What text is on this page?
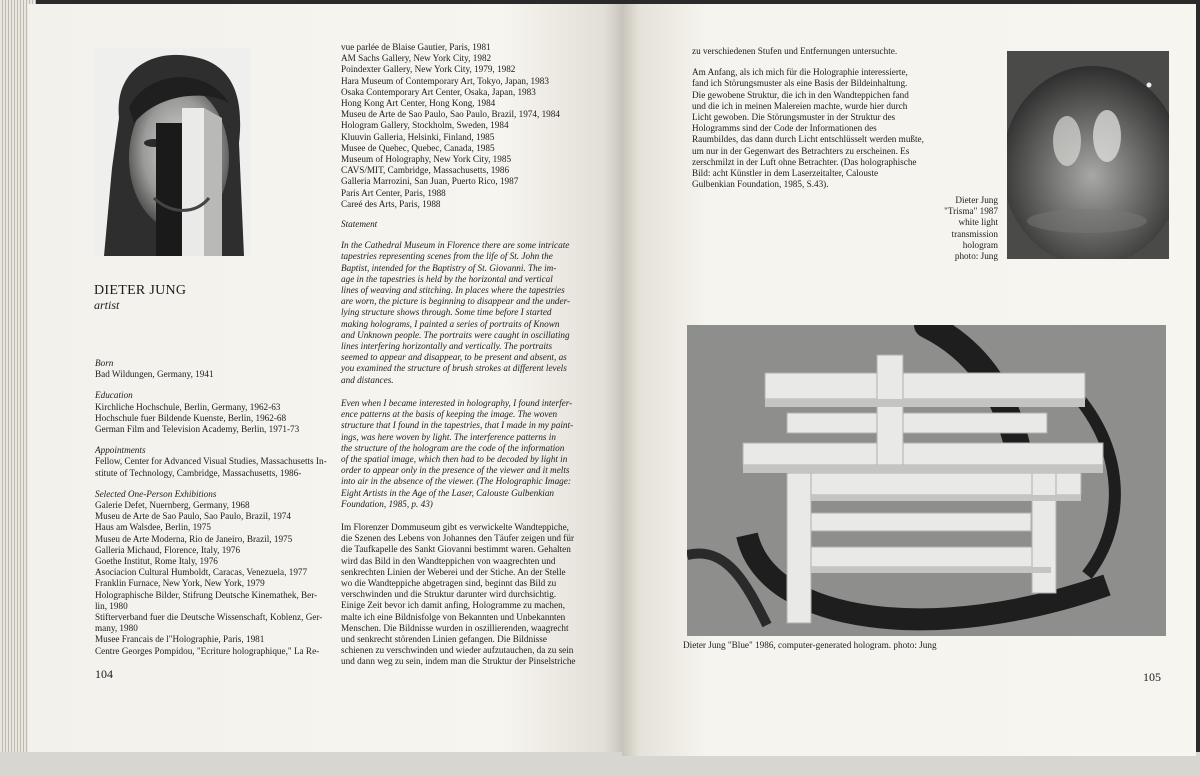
DIETER JUNG
artist
Born
Bad Wildungen, Germany, 1941
Education
Kirchliche Hochschule, Berlin, Germany, 1962-63
Hochschule fuer Bildende Kuenste, Berlin, 1962-68
German Film and Television Academy, Berlin, 1971-73
Appointments
Fellow, Center for Advanced Visual Studies, Massachusetts In-
stitute of Technology, Cambridge, Massachusetts, 1986-
Selected One-Person Exhibitions
Galerie Defet, Nuernberg, Germany, 1968
Museu de Arte de Sao Paulo, Sao Paulo, Brazil, 1974
Haus am Walsdee, Berlin, 1975
Museu de Arte Moderna, Rio de Janeiro, Brazil, 1975
Galleria Michaud, Florence, Italy, 1976
Goethe Institut, Rome Italy, 1976
Asociacion Cultural Humboldt, Caracas, Venezuela, 1977
Franklin Furnace, New York, New York, 1979
Holographische Bilder, Stifrung Deutsche Kinemathek, Ber-
lin, 1980
Stifterverband fuer die Deutsche Wissenschaft, Koblenz, Ger-
many, 1980
Musee Francais de l"Holographie, Paris, 1981
Centre Georges Pompidou, "Ecriture holographique," La Re-
104
vue parlée de Blaise Gautier, Paris, 1981
AM Sachs Gallery, New York City, 1982
Poindexter Gallery, New York City, 1979, 1982
Hara Museum of Contemporary Art, Tokyo, Japan, 1983
Osaka Contemporary Art Center, Osaka, Japan, 1983
Hong Kong Art Center, Hong Kong, 1984
Museu de Arte de Sao Paulo, Sao Paulo, Brazil, 1974, 1984
Hologram Gallery, Stockholm, Sweden, 1984
Kluuvin Galleria, Helsinki, Finland, 1985
Musee de Quebec, Quebec, Canada, 1985
Museum of Holography, New York City, 1985
CAVS/MIT, Cambridge, Massachusetts, 1986
Galleria Marrozini, San Juan, Puerto Rico, 1987
Paris Art Center, Paris, 1988
Careé des Arts, Paris, 1988
Statement
In the Cathedral Museum in Florence there are some intricate
tapestries representing scenes from the life of St. John the
Baptist, intended for the Baptistry of St. Giovanni. The im-
age in the tapestries is held by the horizontal and vertical
lines of weaving and stitching. In places where the tapestries
are worn, the picture is beginning to disappear and the under-
lying structure shows through. Some time before I started
making holograms, I painted a series of portraits of Known
and Unknown people. The portraits were caught in oscillating
lines interfering horizontally and vertically. The portraits
seemed to appear and disappear, to be present and absent, as
you examined the structure of brush strokes at different levels
and distances.
Even when I became interested in holography, I found interfer-
ence patterns at the basis of keeping the image. The woven
structure that I found in the tapestries, that I made in my paint-
ings, was here woven by light. The interference patterns in
the structure of the hologram are the code of the information
of the spatial image, which then had to be decoded by light in
order to appear only in the presence of the viewer and it melts
into air in the absence of the viewer. (The Holographic Image:
Eight Artists in the Age of the Laser, Calouste Gulbenkian
Foundation, 1985, p. 43)
Im Florenzer Dommuseum gibt es verwickelte Wandteppiche,
die Szenen des Lebens von Johannes den Täufer zeigen und für
die Taufkapelle des Sankt Giovanni bestimmt waren. Gehalten
wird das Bild in den Wandteppichen von waagrechten und
senkrechten Linien der Weberei und der Stiche. An der Stelle
wo die Wandteppiche abgetragen sind, beginnt das Bild zu
verschwinden und die Struktur darunter wird durchsichtig.
Einige Zeit bevor ich damit anfing, Hologramme zu machen,
malte ich eine Bildnisfolge von Bekannten und Unbekannten
Menschen. Die Bildnisse wurden in oszillierenden, waagrecht
und senkrecht störenden Linien gefangen. Die Bildnisse
schienen zu verschwinden und wieder aufzutauchen, da zu sein
und dann weg zu sein, indem man die Struktur der Pinselstriche
zu verschiedenen Stufen und Entfernungen untersuchte.
Am Anfang, als ich mich für die Holographie interessierte,
fand ich Störungsmuster als eine Basis der Bildeinhaltung.
Die gewobene Struktur, die ich in den Wandteppichen fand
und die ich in meinen Malereien machte, wurde hier durch
Licht gewoben. Die Störungsmuster in der Struktur des
Hologramms sind der Code der Informationen des
Raumbildes, das dann durch Licht entschlüsselt werden mußte,
um nur in der Gegenwart des Betrachters zu erscheinen. Es
zerschmilzt in der Luft ohne Betrachter. (Das holographische
Bild: acht Künstler in dem Laserzeitalter, Calouste
Gulbenkian Foundation, 1985, S.43).
Dieter Jung
"Trisma" 1987
white light
transmission
hologram
photo: Jung
Dieter Jung "Blue" 1986, computer-generated hologram. photo: Jung
105
